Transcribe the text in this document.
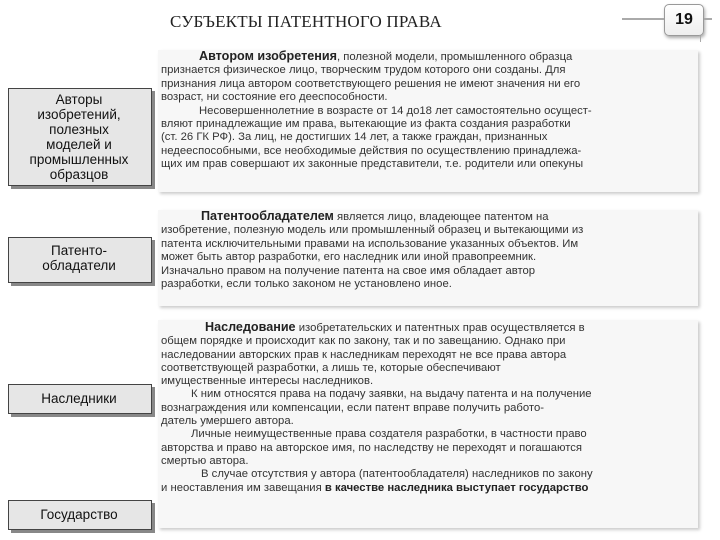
СУБЪЕКТЫ ПАТЕНТНОГО ПРАВА	19
Авторы
изобретений,
полезных
моделей и
промышленных
образцов
Патенто-
обладатели
Наследники
Государство

Автором изобретения, полезной модели, промышленного образца

признается физическое лицо, творческим трудом которого они созданы. Для

признания лица автором соответствующего решения не имеют значения ни его

возраст, ни состояние его дееспособности.

Несовершеннолетние в возрасте от 14 до18 лет самостоятельно осущест-

вляют принадлежащие им права, вытекающие из факта создания разработки

(ст. 26 ГК РФ). За лиц, не достигших 14 лет, а также граждан, признанных

недееспособными, все необходимые действия по осуществлению принадлежа-

щих им прав совершают их законные представители, т.е. родители или опекуны

Патентообладателем является лицо, владеющее патентом на

изобретение, полезную модель или промышленный образец и вытекающими из

патента исключительными правами на использование указанных объектов. Им

может быть автор разработки, его наследник или иной правопреемник.

Изначально правом на получение патента на свое имя обладает автор

разработки, если только законом не установлено иное.

Наследование изобретательских и патентных прав осуществляется в

общем порядке и происходит как по закону, так и по завещанию. Однако при

наследовании авторских прав к наследникам переходят не все права автора

соответствующей разработки, а лишь те, которые обеспечивают

имущественные интересы наследников.

К ним относятся права на подачу заявки, на выдачу патента и на получение

вознаграждения или компенсации, если патент вправе получить работо-

датель умершего автора.

Личные неимущественные права создателя разработки, в частности право

авторства и право на авторское имя, по наследству не переходят и погашаются

смертью автора.

В случае отсутствия у автора (патентообладателя) наследников по закону

и неоставления им завещания в качестве наследника выступает государство
